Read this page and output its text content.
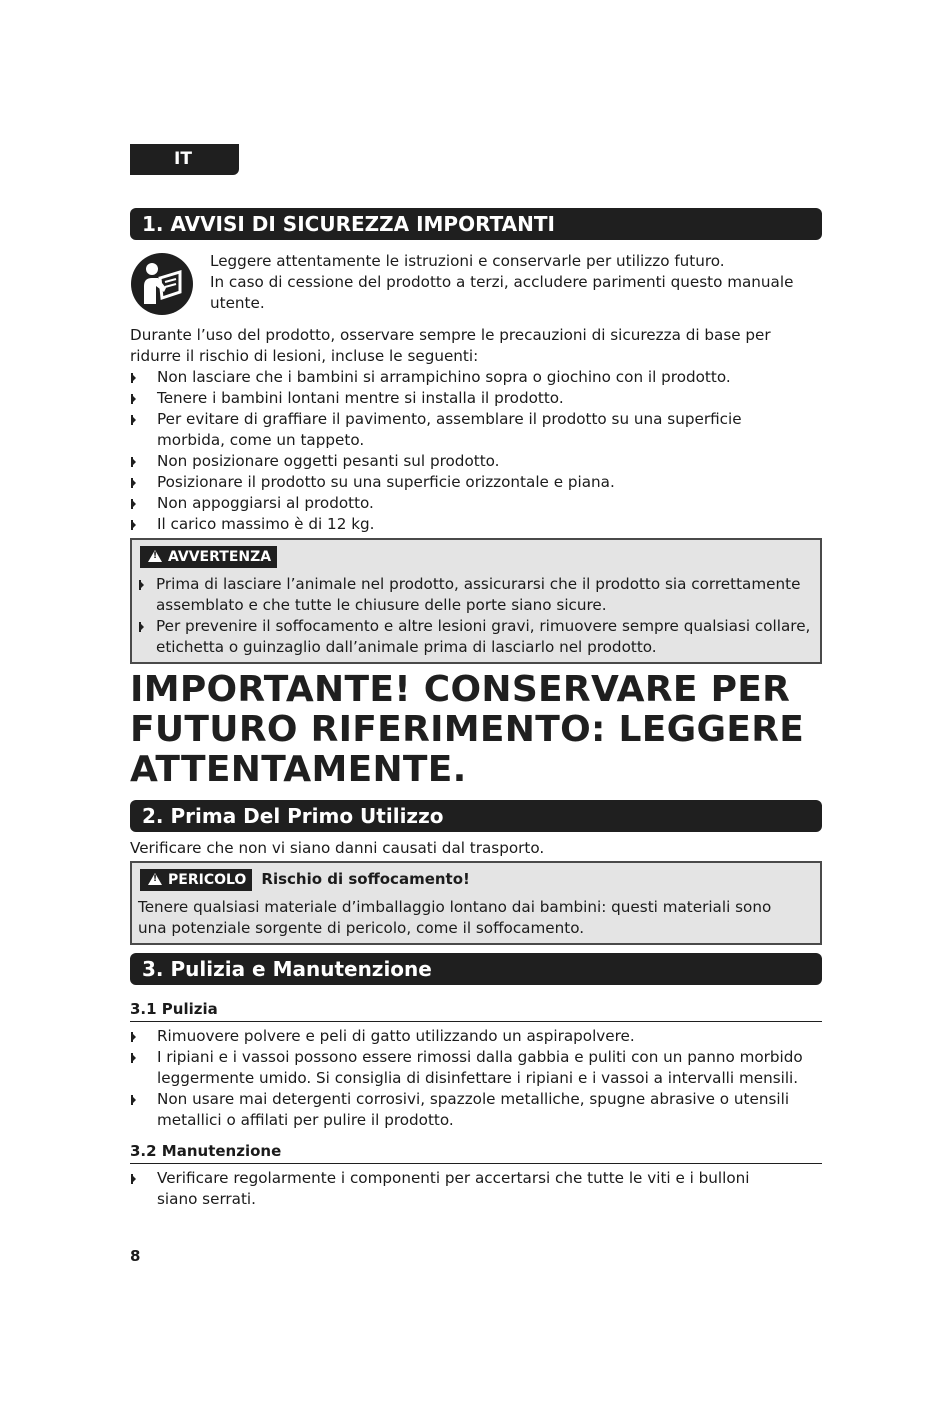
IT
1. AVVISI DI SICUREZZA IMPORTANTI
Leggere attentamente le istruzioni e conservarle per utilizzo futuro.
In caso di cessione del prodotto a terzi, accludere parimenti questo manuale
utente.
Durante l’uso del prodotto, osservare sempre le precauzioni di sicurezza di base per
ridurre il rischio di lesioni, incluse le seguenti:
Non lasciare che i bambini si arrampichino sopra o giochino con il prodotto.
Tenere i bambini lontani mentre si installa il prodotto.
Per evitare di graffiare il pavimento, assemblare il prodotto su una superficie morbida, come un tappeto.
Non posizionare oggetti pesanti sul prodotto.
Posizionare il prodotto su una superficie orizzontale e piana.
Non appoggiarsi al prodotto.
Il carico massimo è di 12 kg.
!AVVERTENZA
Prima di lasciare l’animale nel prodotto, assicurarsi che il prodotto sia correttamente assemblato e che tutte le chiusure delle porte siano sicure.
Per prevenire il soffocamento e altre lesioni gravi, rimuovere sempre qualsiasi collare, etichetta o guinzaglio dall’animale prima di lasciarlo nel prodotto.
IMPORTANTE! CONSERVARE PER
FUTURO RIFERIMENTO: LEGGERE
ATTENTAMENTE.
2. Prima Del Primo Utilizzo
Verificare che non vi siano danni causati dal trasporto.
!PERICOLO Rischio di soffocamento!
Tenere qualsiasi materiale d’imballaggio lontano dai bambini: questi materiali sono
una potenziale sorgente di pericolo, come il soffocamento.
3. Pulizia e Manutenzione
3.1 Pulizia
Rimuovere polvere e peli di gatto utilizzando un aspirapolvere.
I ripiani e i vassoi possono essere rimossi dalla gabbia e puliti con un panno morbido leggermente umido. Si consiglia di disinfettare i ripiani e i vassoi a intervalli mensili.
Non usare mai detergenti corrosivi, spazzole metalliche, spugne abrasive o utensili metallici o affilati per pulire il prodotto.
3.2 Manutenzione
Verificare regolarmente i componenti per accertarsi che tutte le viti e i bulloni siano serrati.
8
